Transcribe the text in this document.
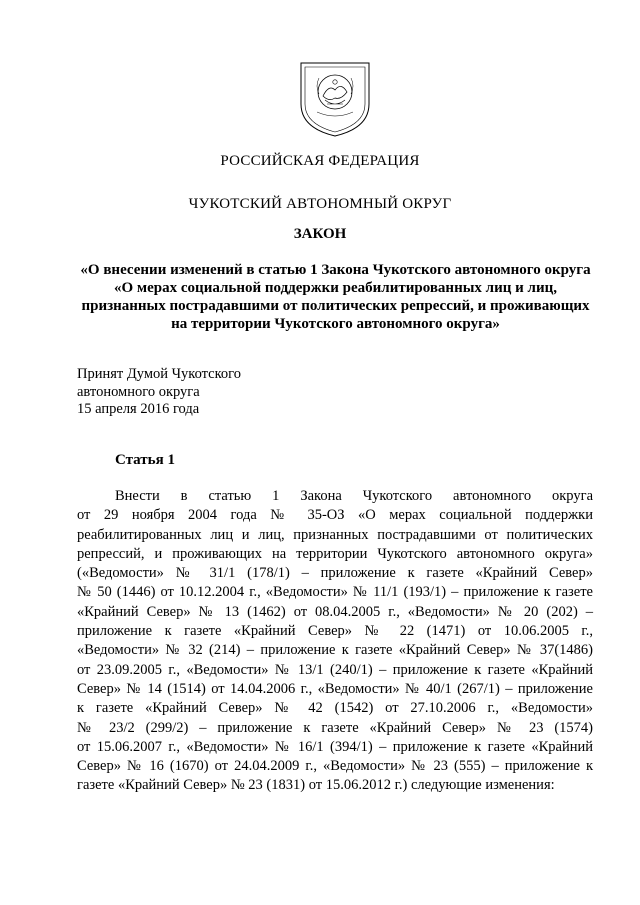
РОССИЙСКАЯ ФЕДЕРАЦИЯ
ЧУКОТСКИЙ АВТОНОМНЫЙ ОКРУГ
ЗАКОН
«О внесении изменений в статью 1 Закона Чукотского автономного округа
«О мерах социальной поддержки реабилитированных лиц и лиц,
признанных пострадавшими от политических репрессий, и проживающих
на территории Чукотского автономного округа»
Принят Думой Чукотского
автономного округа
15 апреля 2016 года
Статья 1
Внести в статью 1 Закона Чукотского автономного округа
от 29 ноября 2004 года № 35-ОЗ «О мерах социальной поддержки
реабилитированных лиц и лиц, признанных пострадавшими от политических
репрессий, и проживающих на территории Чукотского автономного округа»
(«Ведомости» № 31/1 (178/1) – приложение к газете «Крайний Север»
№ 50 (1446) от 10.12.2004 г., «Ведомости» № 11/1 (193/1) – приложение к газете
«Крайний Север» № 13 (1462) от 08.04.2005 г., «Ведомости» № 20 (202) –
приложение к газете «Крайний Север» № 22 (1471) от 10.06.2005 г.,
«Ведомости» № 32 (214) – приложение к газете «Крайний Север» № 37(1486)
от 23.09.2005 г., «Ведомости» № 13/1 (240/1) – приложение к газете «Крайний
Север» № 14 (1514) от 14.04.2006 г., «Ведомости» № 40/1 (267/1) – приложение
к газете «Крайний Север» № 42 (1542) от 27.10.2006 г., «Ведомости»
№ 23/2 (299/2) – приложение к газете «Крайний Север» № 23 (1574)
от 15.06.2007 г., «Ведомости» № 16/1 (394/1) – приложение к газете «Крайний
Север» № 16 (1670) от 24.04.2009 г., «Ведомости» № 23 (555) – приложение к
газете «Крайний Север» № 23 (1831) от 15.06.2012 г.) следующие изменения:
